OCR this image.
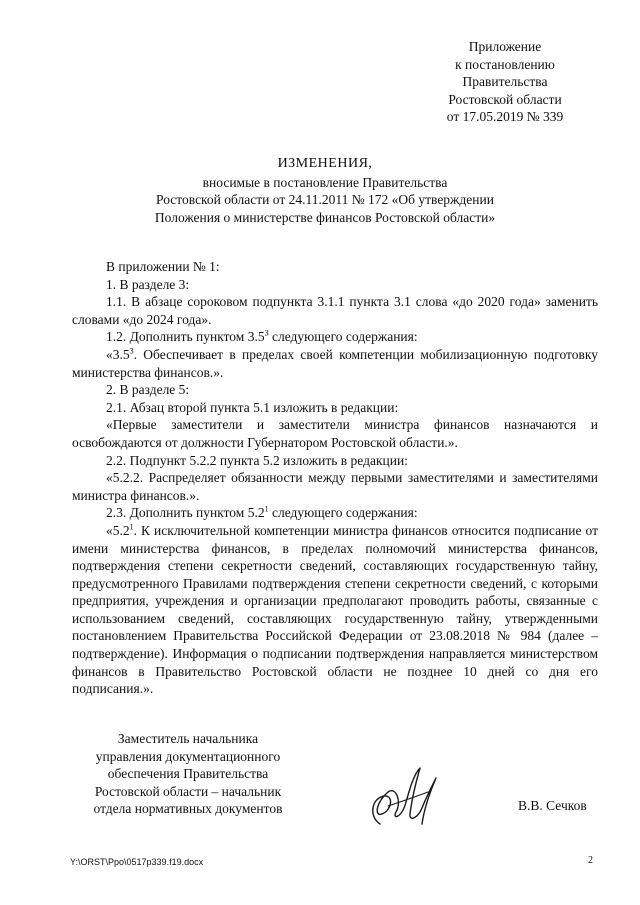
Приложение
к постановлению
Правительства
Ростовской области
от 17.05.2019 № 339
ИЗМЕНЕНИЯ,
вносимые в постановление Правительства
Ростовской области от 24.11.2011 № 172 «Об утверждении
Положения о министерстве финансов Ростовской области»

В приложении № 1:

1. В разделе 3:

1.1. В абзаце сороковом подпункта 3.1.1 пункта 3.1 слова «до 2020 года» заменить словами «до 2024 года».

1.2. Дополнить пунктом $3.5^3$ следующего содержания:

«$3.5^3$. Обеспечивает в пределах своей компетенции мобилизационную подготовку министерства финансов.».

2. В разделе 5:

2.1. Абзац второй пункта 5.1 изложить в редакции:

«Первые заместители и заместители министра финансов назначаются и освобождаются от должности Губернатором Ростовской области.».

2.2. Подпункт 5.2.2 пункта 5.2 изложить в редакции:

«5.2.2. Распределяет обязанности между первыми заместителями и заместителями министра финансов.».

2.3. Дополнить пунктом $5.2^1$ следующего содержания:

«$5.2^1$. К исключительной компетенции министра финансов относится подписание от имени министерства финансов, в пределах полномочий министерства финансов, подтверждения степени секретности сведений, составляющих государственную тайну, предусмотренного Правилами подтверждения степени секретности сведений, с которыми предприятия, учреждения и организации предполагают проводить работы, связанные с использованием сведений, составляющих государственную тайну, утвержденными постановлением Правительства Российской Федерации от 23.08.2018 № 984 (далее – подтверждение). Информация о подписании подтверждения направляется министерством финансов в Правительство Ростовской области не позднее 10 дней со дня его подписания.».

Заместитель начальника
управления документационного
обеспечения Правительства
Ростовской области – начальник
отдела нормативных документов	В.В. Сечков
Y:\ORST\Ppo\0517p339.f19.docx	2
